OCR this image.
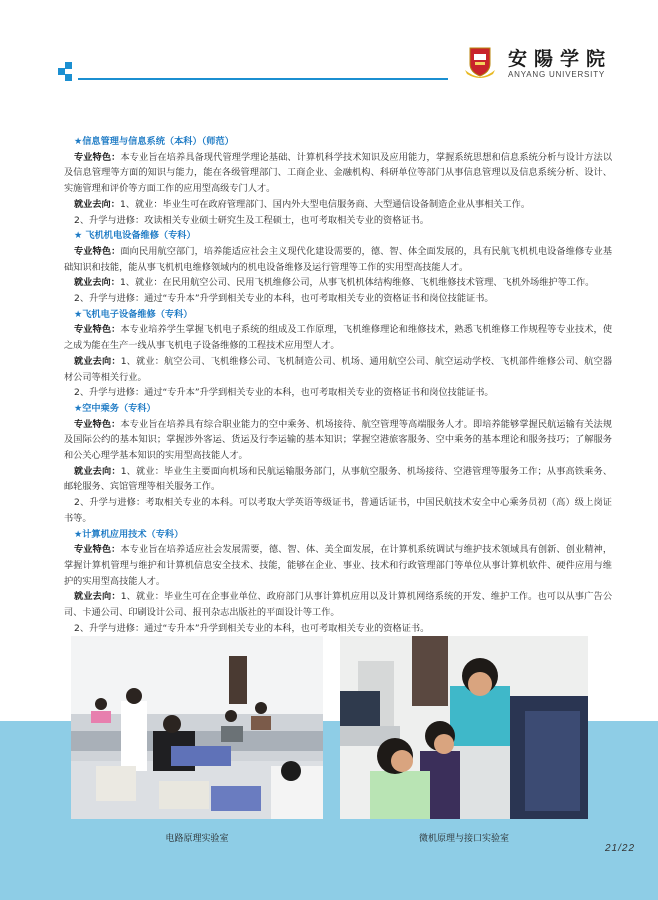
安陽学院
ANYANG UNIVERSITY
★信息管理与信息系统（本科）（师范）
专业特色：本专业旨在培养具备现代管理学理论基础、计算机科学技术知识及应用能力，掌握系统思想和信息系统分析与设计方法以及信息管理等方面的知识与能力，能在各级管理部门、工商企业、金融机构、科研单位等部门从事信息管理以及信息系统分析、设计、实施管理和评价等方面工作的应用型高级专门人才。
就业去向：1、就业：毕业生可在政府管理部门、国内外大型电信服务商、大型通信设备制造企业从事相关工作。
2、升学与进修：攻读相关专业硕士研究生及工程硕士，也可考取相关专业的资格证书。
★ 飞机机电设备维修（专科）
专业特色：面向民用航空部门，培养能适应社会主义现代化建设需要的，德、智、体全面发展的，具有民航飞机机电设备维修专业基础知识和技能，能从事飞机机电维修领域内的机电设备维修及运行管理等工作的实用型高技能人才。
就业去向：1、就业：在民用航空公司、民用飞机维修公司，从事飞机机体结构维修、飞机维修技术管理、飞机外场维护等工作。
2、升学与进修：通过“专升本”升学到相关专业的本科，也可考取相关专业的资格证书和岗位技能证书。
★飞机电子设备维修（专科）
专业特色：本专业培养学生掌握飞机电子系统的组成及工作原理，飞机维修理论和维修技术，熟悉飞机维修工作规程等专业技术，使之成为能在生产一线从事飞机电子设备维修的工程技术应用型人才。
就业去向：1、就业：航空公司、飞机维修公司、飞机制造公司、机场、通用航空公司、航空运动学校、飞机部件维修公司、航空器材公司等相关行业。
2、升学与进修：通过“专升本”升学到相关专业的本科，也可考取相关专业的资格证书和岗位技能证书。
★空中乘务（专科）
专业特色：本专业旨在培养具有综合职业能力的空中乘务、机场接待、航空管理等高端服务人才。即培养能够掌握民航运输有关法规及国际公约的基本知识；掌握涉外客运、货运及行李运输的基本知识；掌握空港旅客服务、空中乘务的基本理论和服务技巧；了解服务和公关心理学基本知识的实用型高技能人才。
就业去向：1、就业：毕业生主要面向机场和民航运输服务部门，从事航空服务、机场接待、空港管理等服务工作；从事高铁乘务、邮轮服务、宾馆管理等相关服务工作。
2、升学与进修：考取相关专业的本科。可以考取大学英语等级证书，普通话证书，中国民航技术安全中心乘务员初（高）级上岗证书等。
★计算机应用技术（专科）
专业特色：本专业旨在培养适应社会发展需要，德、智、体、美全面发展，在计算机系统调试与维护技术领域具有创新、创业精神，掌握计算机管理与维护和计算机信息安全技术、技能，能够在企业、事业、技术和行政管理部门等单位从事计算机软件、硬件应用与维护的实用型高技能人才。
就业去向：1、就业：毕业生可在企事业单位、政府部门从事计算机应用以及计算机网络系统的开发、维护工作。也可以从事广告公司、卡通公司、印刷设计公司、报刊杂志出版社的平面设计等工作。
2、升学与进修：通过“专升本”升学到相关专业的本科，也可考取相关专业的资格证书。
电路原理实验室	微机原理与接口实验室
21/22
